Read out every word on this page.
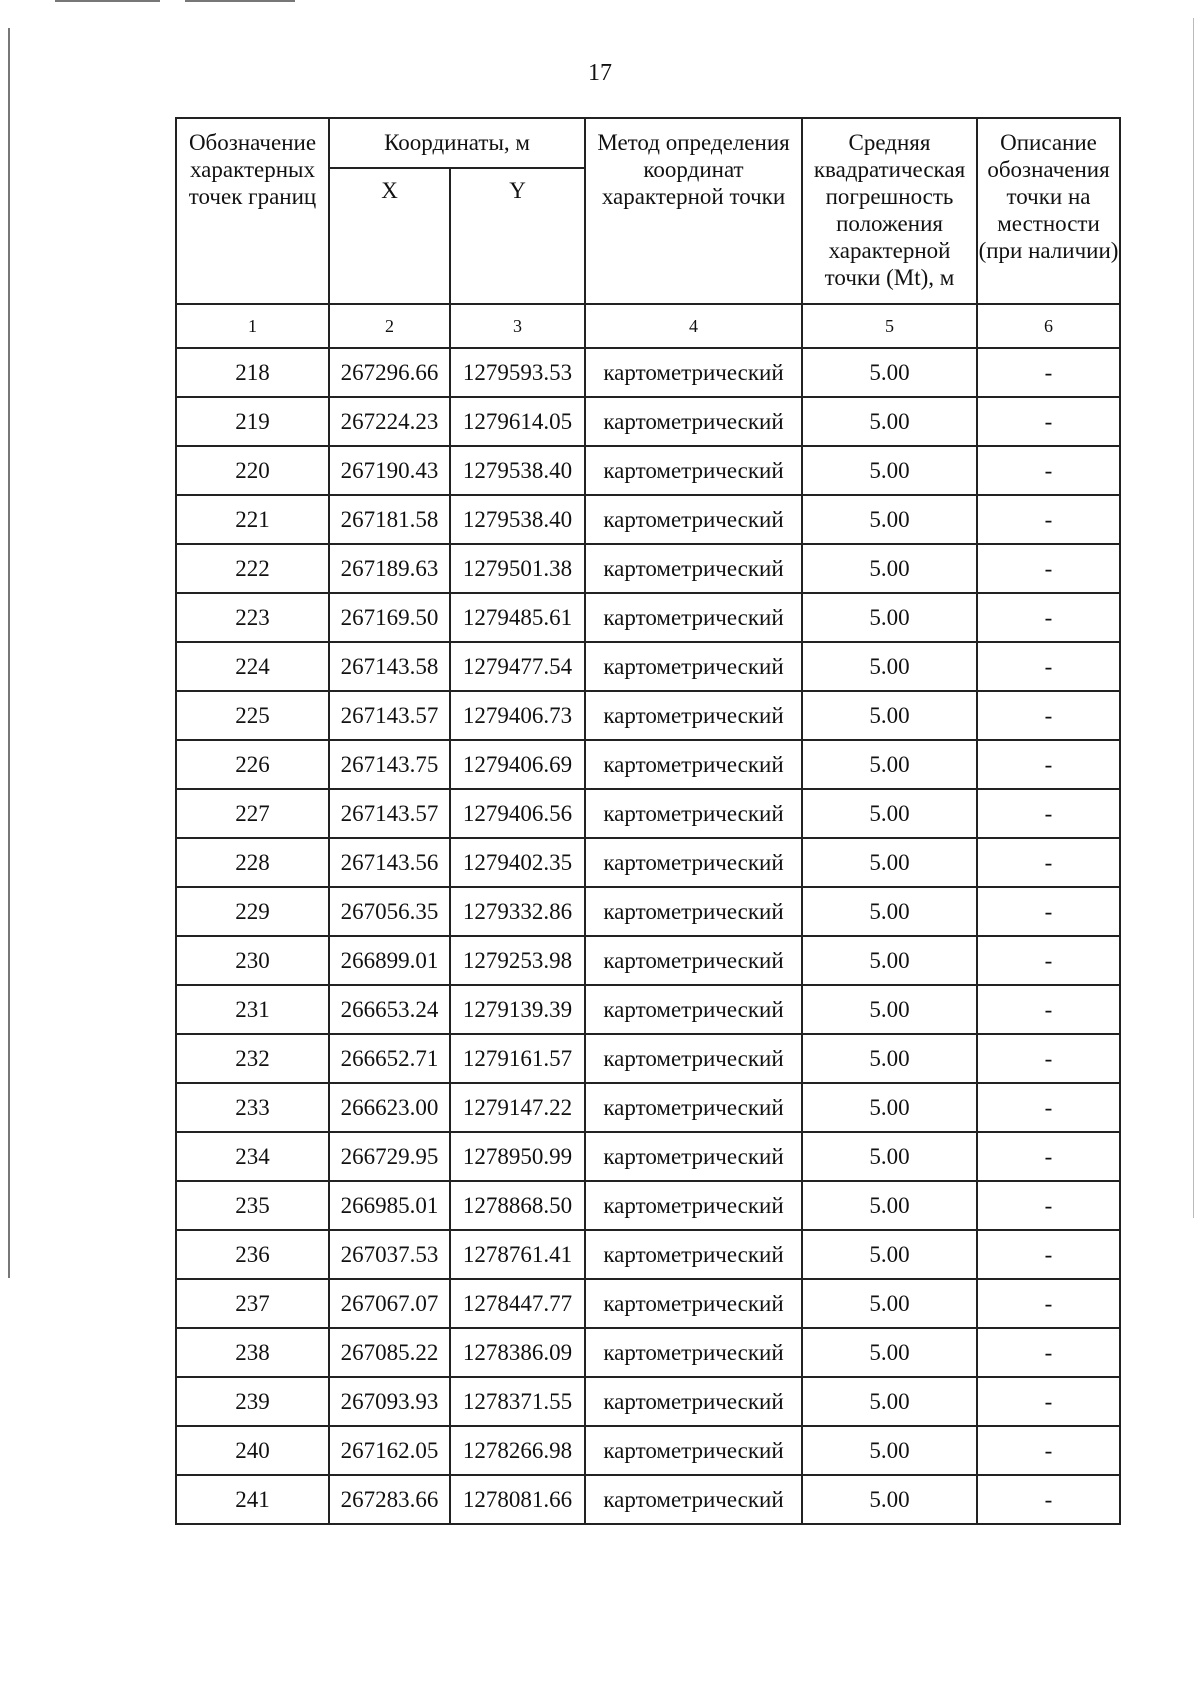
17
Обозначение характерных точек границ	Координаты, м		Метод определения координат характерной точки	Средняя квадратическая погрешность положения характерной точки (Mt), м	Описание обозначения точки на местности (при наличии)
	X	Y			
1	2	3	4	5	6
218	267296.66	1279593.53	картометрический	5.00	-
219	267224.23	1279614.05	картометрический	5.00	-
220	267190.43	1279538.40	картометрический	5.00	-
221	267181.58	1279538.40	картометрический	5.00	-
222	267189.63	1279501.38	картометрический	5.00	-
223	267169.50	1279485.61	картометрический	5.00	-
224	267143.58	1279477.54	картометрический	5.00	-
225	267143.57	1279406.73	картометрический	5.00	-
226	267143.75	1279406.69	картометрический	5.00	-
227	267143.57	1279406.56	картометрический	5.00	-
228	267143.56	1279402.35	картометрический	5.00	-
229	267056.35	1279332.86	картометрический	5.00	-
230	266899.01	1279253.98	картометрический	5.00	-
231	266653.24	1279139.39	картометрический	5.00	-
232	266652.71	1279161.57	картометрический	5.00	-
233	266623.00	1279147.22	картометрический	5.00	-
234	266729.95	1278950.99	картометрический	5.00	-
235	266985.01	1278868.50	картометрический	5.00	-
236	267037.53	1278761.41	картометрический	5.00	-
237	267067.07	1278447.77	картометрический	5.00	-
238	267085.22	1278386.09	картометрический	5.00	-
239	267093.93	1278371.55	картометрический	5.00	-
240	267162.05	1278266.98	картометрический	5.00	-
241	267283.66	1278081.66	картометрический	5.00	-
